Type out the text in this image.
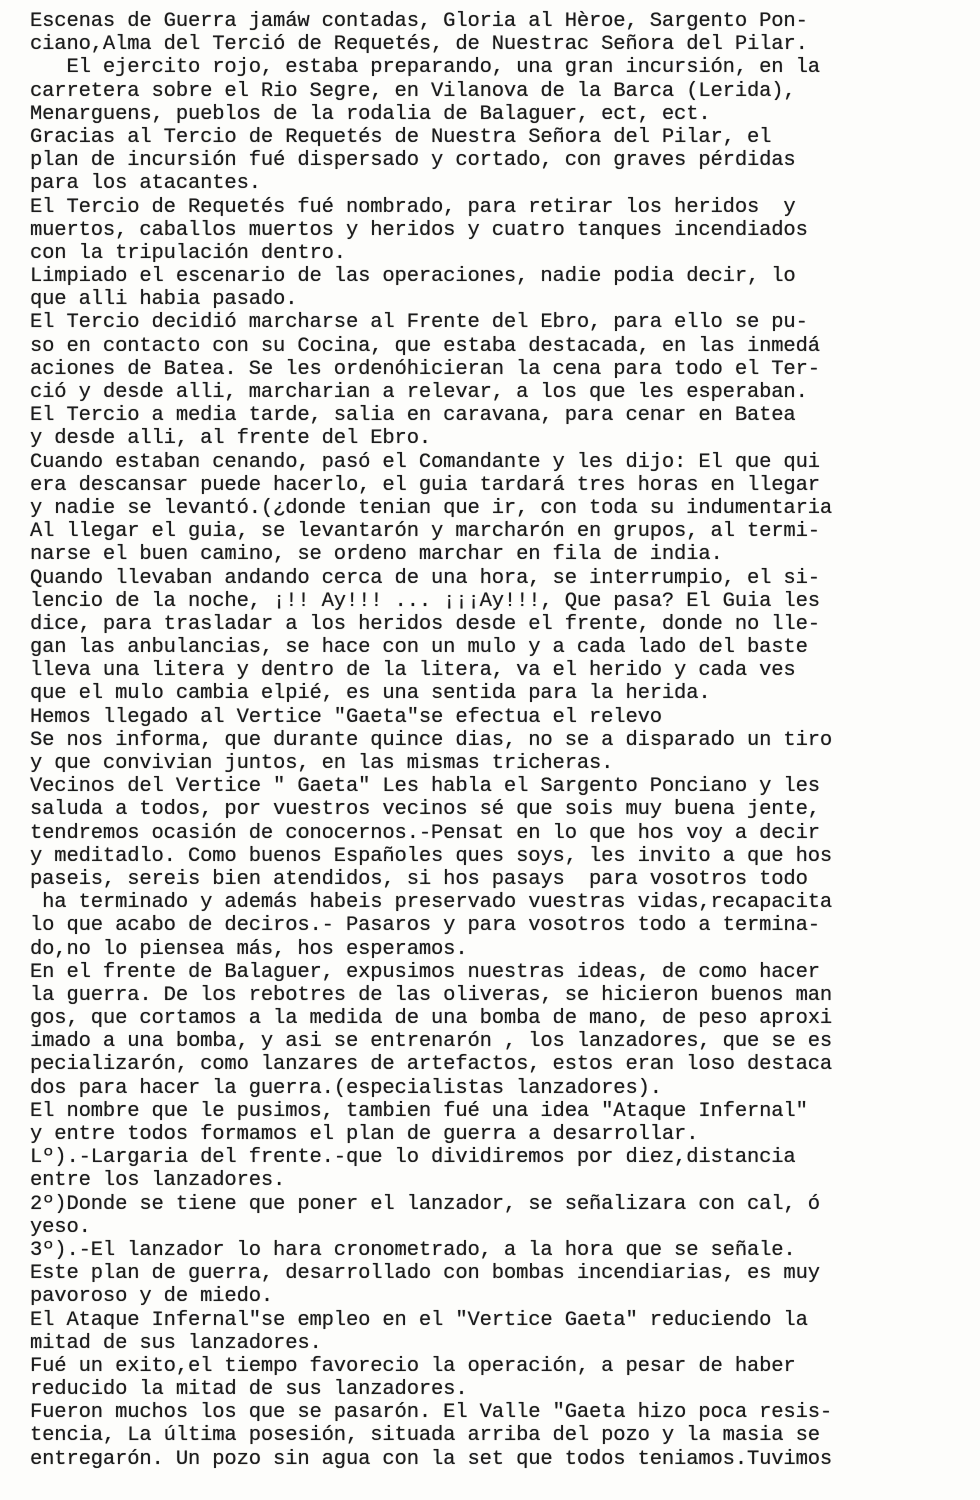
Escenas de Guerra jamáw contadas, Gloria al Hèroe, Sargento Pon-
ciano,Alma del Terció de Requetés, de Nuestrac Señora del Pilar.
El ejercito rojo, estaba preparando, una gran incursión, en la
carretera sobre el Rio Segre, en Vilanova de la Barca (Lerida),
Menarguens, pueblos de la rodalia de Balaguer, ect, ect.
Gracias al Tercio de Requetés de Nuestra Señora del Pilar, el
plan de incursión fué dispersado y cortado, con graves pérdidas
para los atacantes.
El Tercio de Requetés fué nombrado, para retirar los heridos  y
muertos, caballos muertos y heridos y cuatro tanques incendiados
con la tripulación dentro.
Limpiado el escenario de las operaciones, nadie podia decir, lo
que alli habia pasado.
El Tercio decidió marcharse al Frente del Ebro, para ello se pu-
so en contacto con su Cocina, que estaba destacada, en las inmedá
aciones de Batea. Se les ordenóhicieran la cena para todo el Ter-
ció y desde alli, marcharian a relevar, a los que les esperaban.
El Tercio a media tarde, salia en caravana, para cenar en Batea
y desde alli, al frente del Ebro.
Cuando estaban cenando, pasó el Comandante y les dijo: El que qui
era descansar puede hacerlo, el guia tardará tres horas en llegar
y nadie se levantó.(¿donde tenian que ir, con toda su indumentaria
Al llegar el guia, se levantarón y marcharón en grupos, al termi-
narse el buen camino, se ordeno marchar en fila de india.
Quando llevaban andando cerca de una hora, se interrumpio, el si-
lencio de la noche, ¡!! Ay!!! ... ¡¡¡Ay!!!, Que pasa? El Guia les
dice, para trasladar a los heridos desde el frente, donde no lle-
gan las anbulancias, se hace con un mulo y a cada lado del baste
lleva una litera y dentro de la litera, va el herido y cada ves
que el mulo cambia elpié, es una sentida para la herida.
Hemos llegado al Vertice "Gaeta"se efectua el relevo
Se nos informa, que durante quince dias, no se a disparado un tiro
y que convivian juntos, en las mismas tricheras.
Vecinos del Vertice " Gaeta" Les habla el Sargento Ponciano y les
saluda a todos, por vuestros vecinos sé que sois muy buena jente,
tendremos ocasión de conocernos.-Pensat en lo que hos voy a decir
y meditadlo. Como buenos Españoles ques soys, les invito a que hos
paseis, sereis bien atendidos, si hos pasays  para vosotros todo
ha terminado y además habeis preservado vuestras vidas,recapacita
lo que acabo de deciros.- Pasaros y para vosotros todo a termina-
do,no lo piensea más, hos esperamos.
En el frente de Balaguer, expusimos nuestras ideas, de como hacer
la guerra. De los rebotres de las oliveras, se hicieron buenos man
gos, que cortamos a la medida de una bomba de mano, de peso aproxi
imado a una bomba, y asi se entrenarón , los lanzadores, que se es
pecializarón, como lanzares de artefactos, estos eran loso destaca
dos para hacer la guerra.(especialistas lanzadores).
El nombre que le pusimos, tambien fué una idea "Ataque Infernal"
y entre todos formamos el plan de guerra a desarrollar.
Lº).-Largaria del frente.-que lo dividiremos por diez,distancia
entre los lanzadores.
2º)Donde se tiene que poner el lanzador, se señalizara con cal, ó
yeso.
3º).-El lanzador lo hara cronometrado, a la hora que se señale.
Este plan de guerra, desarrollado con bombas incendiarias, es muy
pavoroso y de miedo.
El Ataque Infernal"se empleo en el "Vertice Gaeta" reduciendo la
mitad de sus lanzadores.
Fué un exito,el tiempo favorecio la operación, a pesar de haber
reducido la mitad de sus lanzadores.
Fueron muchos los que se pasarón. El Valle "Gaeta hizo poca resis-
tencia, La última posesión, situada arriba del pozo y la masia se
entregarón. Un pozo sin agua con la set que todos teniamos.Tuvimos
